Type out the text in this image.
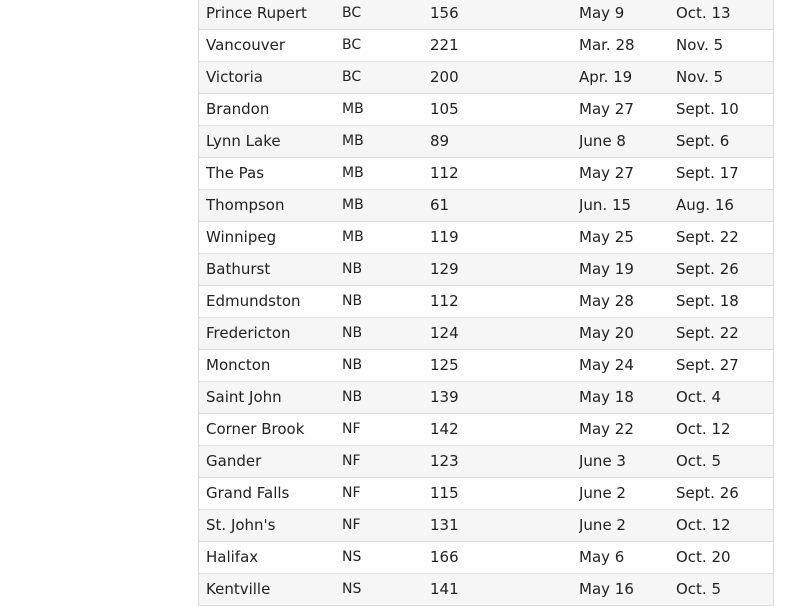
Prince Rupert	BC	156	May 9	Oct. 13
Vancouver	BC	221	Mar. 28	Nov. 5
Victoria	BC	200	Apr. 19	Nov. 5
Brandon	MB	105	May 27	Sept. 10
Lynn Lake	MB	89	June 8	Sept. 6
The Pas	MB	112	May 27	Sept. 17
Thompson	MB	61	Jun. 15	Aug. 16
Winnipeg	MB	119	May 25	Sept. 22
Bathurst	NB	129	May 19	Sept. 26
Edmundston	NB	112	May 28	Sept. 18
Fredericton	NB	124	May 20	Sept. 22
Moncton	NB	125	May 24	Sept. 27
Saint John	NB	139	May 18	Oct. 4
Corner Brook	NF	142	May 22	Oct. 12
Gander	NF	123	June 3	Oct. 5
Grand Falls	NF	115	June 2	Sept. 26
St. John's	NF	131	June 2	Oct. 12
Halifax	NS	166	May 6	Oct. 20
Kentville	NS	141	May 16	Oct. 5
